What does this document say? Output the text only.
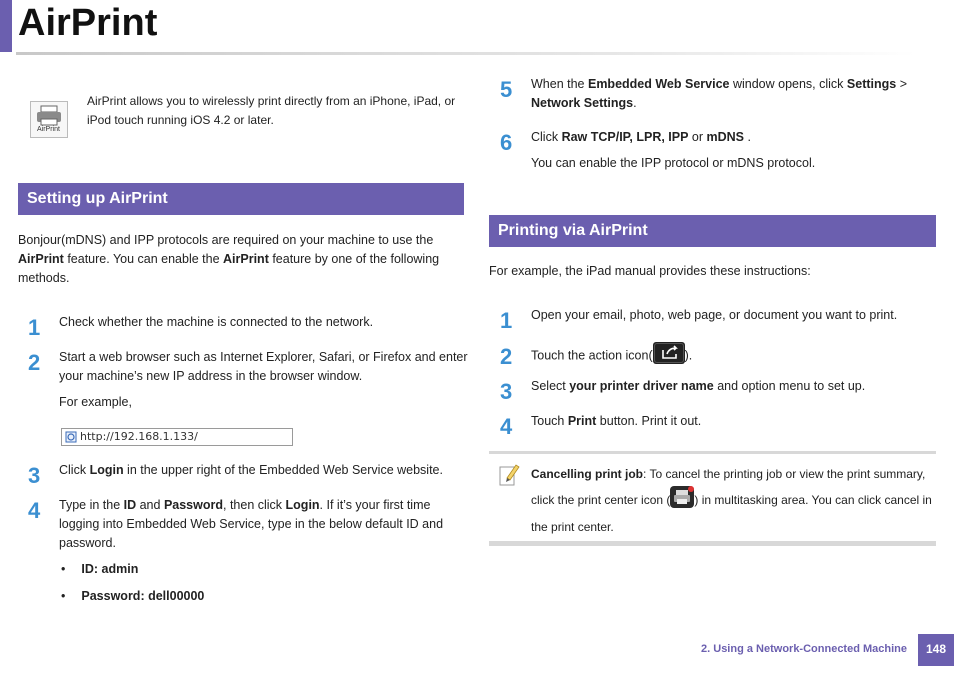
AirPrint
AirPrint
AirPrint allows you to wirelessly print directly from an iPhone, iPad, or
iPod touch running iOS 4.2 or later.
Setting up AirPrint
Bonjour(mDNS) and IPP protocols are required on your machine to use the
AirPrint feature. You can enable the AirPrint feature by one of the following
methods.
1 Check whether the machine is connected to the network.
2 Start a web browser such as Internet Explorer, Safari, or Firefox and enter
your machine’s new IP address in the browser window.
For example,
http://192.168.1.133/
3 Click Login in the upper right of the Embedded Web Service website.
4 Type in the ID and Password, then click Login. If it’s your first time
logging into Embedded Web Service, type in the below default ID and
password.
• ID: admin
• Password: dell00000
5 When the Embedded Web Service window opens, click Settings >
Network Settings.
6 Click Raw TCP/IP, LPR, IPP or mDNS .
You can enable the IPP protocol or mDNS protocol.
Printing via AirPrint
For example, the iPad manual provides these instructions:
1 Open your email, photo, web page, or document you want to print.
2 Touch the action icon(	).
3 Select your printer driver name and option menu to set up.
4 Touch Print button. Print it out.
Cancelling print job: To cancel the printing job or view the print summary,
click the print center icon ( ) in multitasking area. You can click cancel in
the print center.
2. Using a Network-Connected Machine	148
